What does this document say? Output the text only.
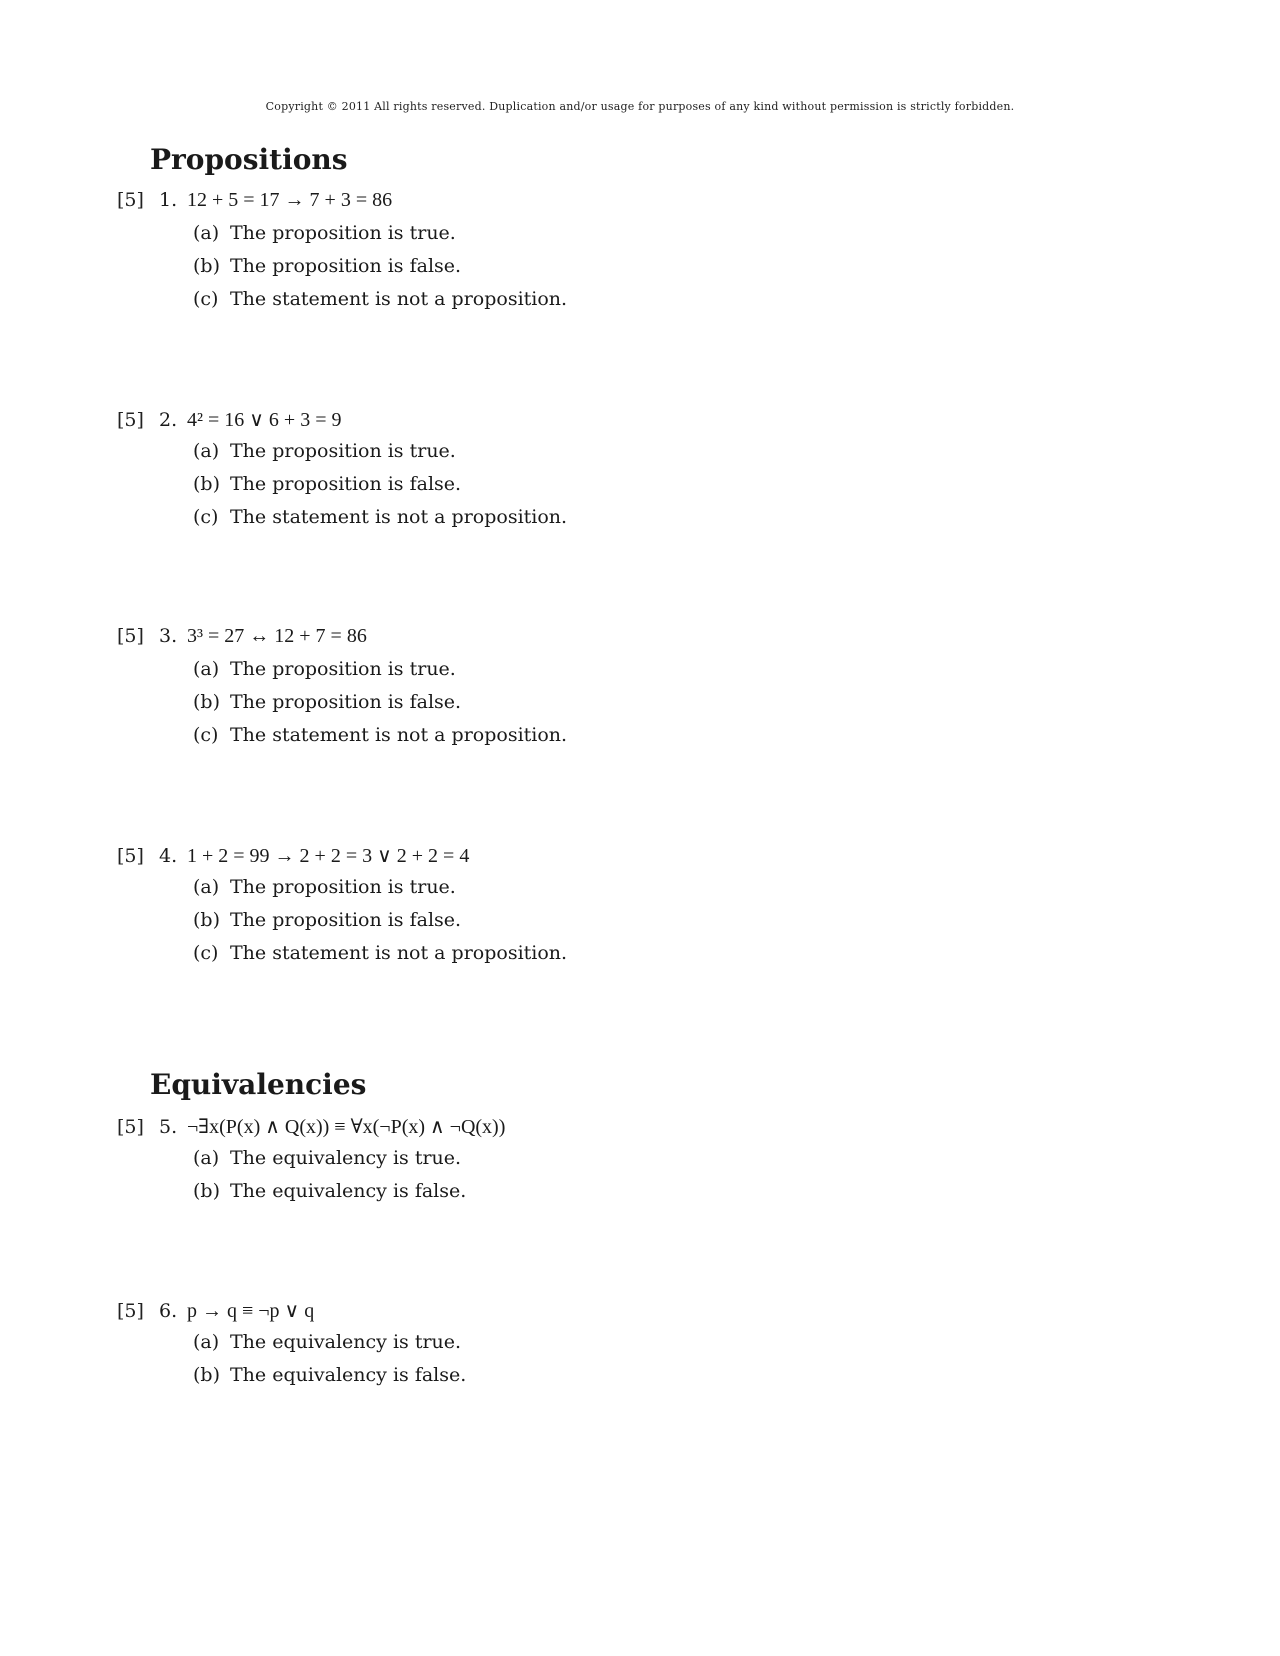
Copyright © 2011 All rights reserved. Duplication and/or usage for purposes of any kind without permission is strictly forbidden.
Propositions
[5] 1. 12 + 5 = 17 → 7 + 3 = 86
(a) The proposition is true.
(b) The proposition is false.
(c) The statement is not a proposition.
[5] 2. 4² = 16 ∨ 6 + 3 = 9
(a) The proposition is true.
(b) The proposition is false.
(c) The statement is not a proposition.
[5] 3. 3³ = 27 ↔ 12 + 7 = 86
(a) The proposition is true.
(b) The proposition is false.
(c) The statement is not a proposition.
[5] 4. 1 + 2 = 99 → 2 + 2 = 3 ∨ 2 + 2 = 4
(a) The proposition is true.
(b) The proposition is false.
(c) The statement is not a proposition.
Equivalencies
[5] 5. ¬∃x(P(x) ∧ Q(x)) ≡ ∀x(¬P(x) ∧ ¬Q(x))
(a) The equivalency is true.
(b) The equivalency is false.
[5] 6. p → q ≡ ¬p ∨ q
(a) The equivalency is true.
(b) The equivalency is false.
